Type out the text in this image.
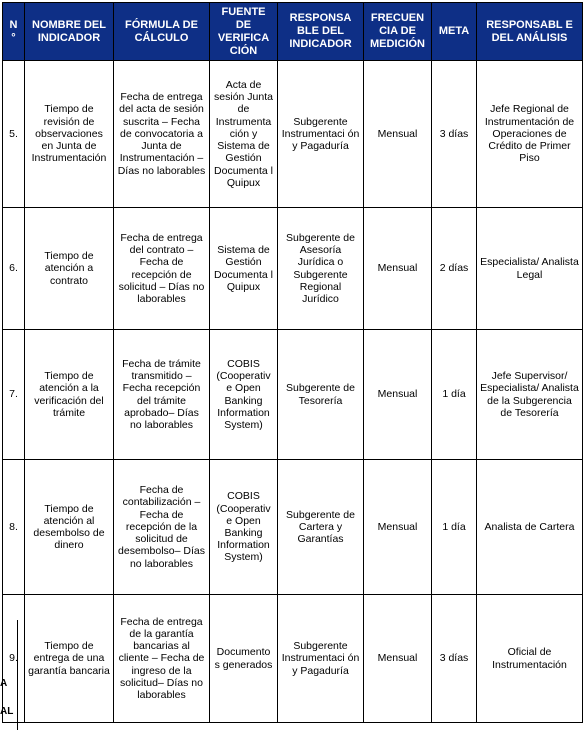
N °	NOMBRE DEL INDICADOR	FÓRMULA DE CÁLCULO	FUENTE DE VERIFICA CIÓN	RESPONSA BLE DEL INDICADOR	FRECUEN CIA DE MEDICIÓN	META	RESPONSABL E DEL ANÁLISIS
5.	Tiempo de revisión de observaciones en Junta de Instrumentación	Fecha de entrega del acta de sesión suscrita – Fecha de convocatoria a Junta de Instrumentación – Días no laborables	Acta de sesión Junta de Instrumenta ción y Sistema de Gestión Documenta l Quipux	Subgerente Instrumentaci ón y Pagaduría	Mensual	3 días	Jefe Regional de Instrumentación de Operaciones de Crédito de Primer Piso
6.	Tiempo de atención a contrato	Fecha de entrega del contrato – Fecha de recepción de solicitud – Días no laborables	Sistema de Gestión Documenta l Quipux	Subgerente de Asesoría Jurídica o Subgerente Regional Jurídico	Mensual	2 días	Especialista/ Analista Legal
7.	Tiempo de atención a la verificación del trámite	Fecha de trámite transmitido – Fecha recepción del trámite aprobado– Días no laborables	COBIS (Cooperativ e Open Banking Information System)	Subgerente de Tesorería	Mensual	1 día	Jefe Supervisor/ Especialista/ Analista de la Subgerencia de Tesorería
8.	Tiempo de atención al desembolso de dinero	Fecha de contabilización – Fecha de recepción de la solicitud de desembolso– Días no laborables	COBIS (Cooperativ e Open Banking Information System)	Subgerente de Cartera y Garantías	Mensual	1 día	Analista de Cartera
9.	Tiempo de entrega de una garantía bancaria	Fecha de entrega de la garantía bancarias al cliente – Fecha de ingreso de la solicitud– Días no laborables	Documento s generados	Subgerente Instrumentaci ón y Pagaduría	Mensual	3 días	Oficial de Instrumentación
A
AL
